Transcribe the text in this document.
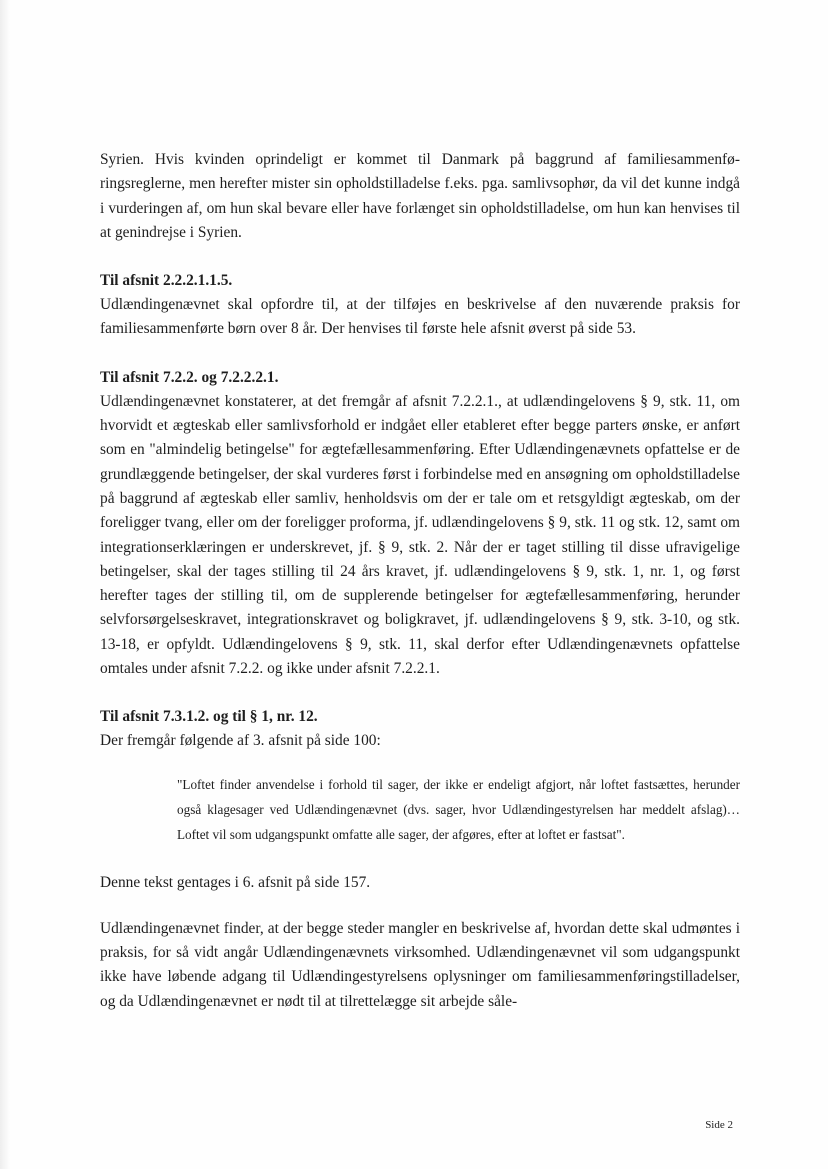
Syrien. Hvis kvinden oprindeligt er kommet til Danmark på baggrund af familiesammenføringsreglerne, men herefter mister sin opholdstilladelse f.eks. pga. samlivsophør, da vil det kunne indgå i vurderingen af, om hun skal bevare eller have forlænget sin opholdstilladelse, om hun kan henvises til at genindrejse i Syrien.

Til afsnit 2.2.2.1.1.5.

Udlændingenævnet skal opfordre til, at der tilføjes en beskrivelse af den nuværende praksis for familiesammenførte børn over 8 år. Der henvises til første hele afsnit øverst på side 53.

Til afsnit 7.2.2. og 7.2.2.2.1.

Udlændingenævnet konstaterer, at det fremgår af afsnit 7.2.2.1., at udlændingelovens § 9, stk. 11, om hvorvidt et ægteskab eller samlivsforhold er indgået eller etableret efter begge parters ønske, er anført som en "almindelig betingelse" for ægtefællesammenføring. Efter Udlændingenævnets opfattelse er de grundlæggende betingelser, der skal vurderes først i forbindelse med en ansøgning om opholdstilladelse på baggrund af ægteskab eller samliv, henholdsvis om der er tale om et retsgyldigt ægteskab, om der foreligger tvang, eller om der foreligger proforma, jf. udlændingelovens § 9, stk. 11 og stk. 12, samt om integrationserklæringen er underskrevet, jf. § 9, stk. 2. Når der er taget stilling til disse ufravigelige betingelser, skal der tages stilling til 24 års kravet, jf. udlændingelovens § 9, stk. 1, nr. 1, og først herefter tages der stilling til, om de supplerende betingelser for ægtefællesammenføring, herunder selvforsørgelseskravet, integrationskravet og boligkravet, jf. udlændingelovens § 9, stk. 3-10, og stk. 13-18, er opfyldt. Udlændingelovens § 9, stk. 11, skal derfor efter Udlændingenævnets opfattelse omtales under afsnit 7.2.2. og ikke under afsnit 7.2.2.1.

Til afsnit 7.3.1.2. og til § 1, nr. 12.

Der fremgår følgende af 3. afsnit på side 100:

"Loftet finder anvendelse i forhold til sager, der ikke er endeligt afgjort, når loftet fastsættes, herunder også klagesager ved Udlændingenævnet (dvs. sager, hvor Udlændingestyrelsen har meddelt afslag)… Loftet vil som udgangspunkt omfatte alle sager, der afgøres, efter at loftet er fastsat".

Denne tekst gentages i 6. afsnit på side 157.

Udlændingenævnet finder, at der begge steder mangler en beskrivelse af, hvordan dette skal udmøntes i praksis, for så vidt angår Udlændingenævnets virksomhed. Udlændingenævnet vil som udgangspunkt ikke have løbende adgang til Udlændingestyrelsens oplysninger om familiesammenføringstilladelser, og da Udlændingenævnet er nødt til at tilrettelægge sit arbejde såle-

Side 2
